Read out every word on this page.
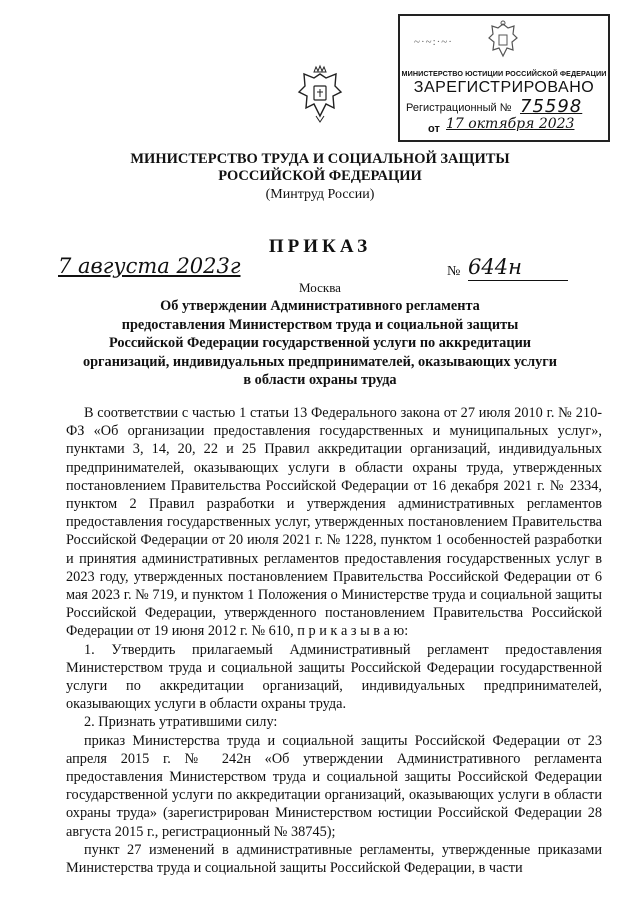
~·~:·~·
МИНИСТЕРСТВО ЮСТИЦИИ РОССИЙСКОЙ ФЕДЕРАЦИИ
ЗАРЕГИСТРИРОВАНО
Регистрационный № 75598
от 17 октября 2023
МИНИСТЕРСТВО ТРУДА И СОЦИАЛЬНОЙ ЗАЩИТЫ
РОССИЙСКОЙ ФЕДЕРАЦИИ
(Минтруд России)
ПРИКАЗ
7 августа 2023г	№ 644н
Москва
Об утверждении Административного регламента
предоставления Министерством труда и социальной защиты
Российской Федерации государственной услуги по аккредитации
организаций, индивидуальных предпринимателей, оказывающих услуги
в области охраны труда

В соответствии с частью 1 статьи 13 Федерального закона от 27 июля 2010 г. № 210-ФЗ «Об организации предоставления государственных и муниципальных услуг», пунктами 3, 14, 20, 22 и 25 Правил аккредитации организаций, индивидуальных предпринимателей, оказывающих услуги в области охраны труда, утвержденных постановлением Правительства Российской Федерации от 16 декабря 2021 г. № 2334, пунктом 2 Правил разработки и утверждения административных регламентов предоставления государственных услуг, утвержденных постановлением Правительства Российской Федерации от 20 июля 2021 г. № 1228, пунктом 1 особенностей разработки и принятия административных регламентов предоставления государственных услуг в 2023 году, утвержденных постановлением Правительства Российской Федерации от 6 мая 2023 г. № 719, и пунктом 1 Положения о Министерстве труда и социальной защиты Российской Федерации, утвержденного постановлением Правительства Российской Федерации от 19 июня 2012 г. № 610, п р и к а з ы в а ю:

1. Утвердить прилагаемый Административный регламент предоставления Министерством труда и социальной защиты Российской Федерации государственной услуги по аккредитации организаций, индивидуальных предпринимателей, оказывающих услуги в области охраны труда.

2. Признать утратившими силу:

приказ Министерства труда и социальной защиты Российской Федерации от 23 апреля 2015 г. № 242н «Об утверждении Административного регламента предоставления Министерством труда и социальной защиты Российской Федерации государственной услуги по аккредитации организаций, оказывающих услуги в области охраны труда» (зарегистрирован Министерством юстиции Российской Федерации 28 августа 2015 г., регистрационный № 38745);

пункт 27 изменений в административные регламенты, утвержденные приказами Министерства труда и социальной защиты Российской Федерации, в части
